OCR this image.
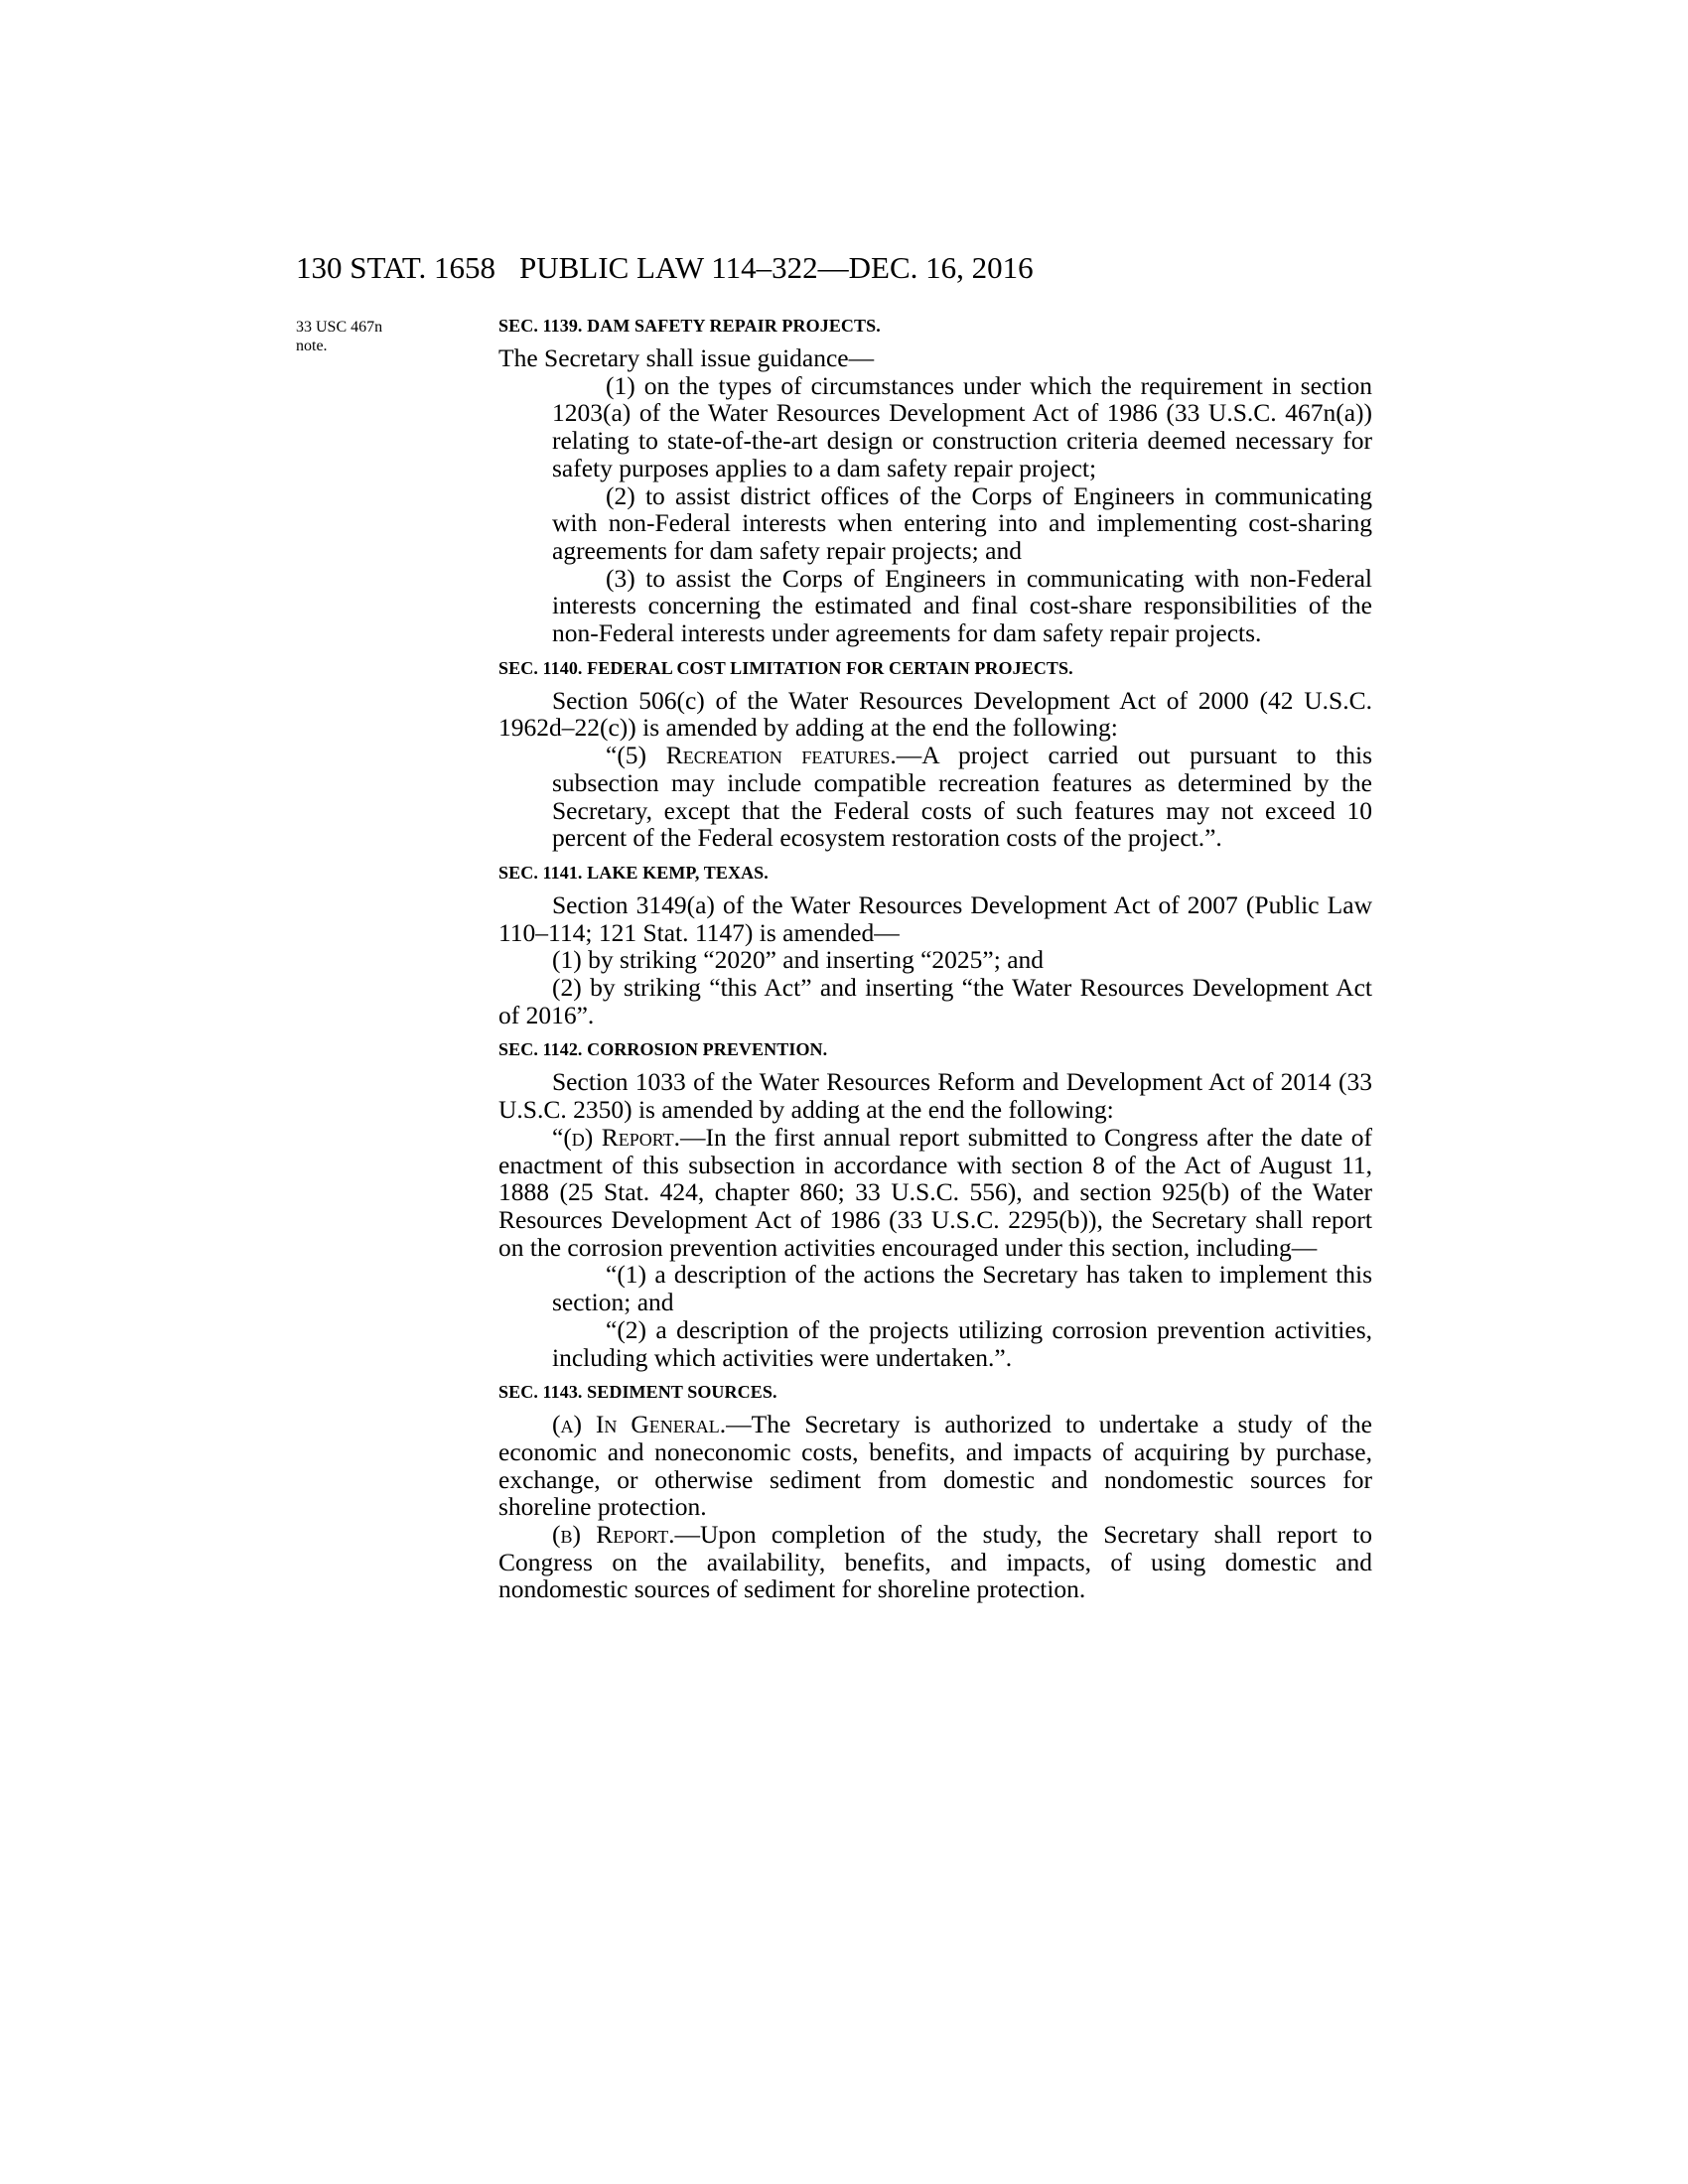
130 STAT. 1658 PUBLIC LAW 114–322—DEC. 16, 2016
33 USC 467n
note.
SEC. 1139. DAM SAFETY REPAIR PROJECTS.

The Secretary shall issue guidance—

(1) on the types of circumstances under which the requirement in section 1203(a) of the Water Resources Development Act of 1986 (33 U.S.C. 467n(a)) relating to state-of-the-art design or construction criteria deemed necessary for safety purposes applies to a dam safety repair project;

(2) to assist district offices of the Corps of Engineers in communicating with non-Federal interests when entering into and implementing cost-sharing agreements for dam safety repair projects; and

(3) to assist the Corps of Engineers in communicating with non-Federal interests concerning the estimated and final cost-share responsibilities of the non-Federal interests under agreements for dam safety repair projects.

SEC. 1140. FEDERAL COST LIMITATION FOR CERTAIN PROJECTS.

Section 506(c) of the Water Resources Development Act of 2000 (42 U.S.C. 1962d–22(c)) is amended by adding at the end the following:

“(5) Recreation features.—A project carried out pursuant to this subsection may include compatible recreation features as determined by the Secretary, except that the Federal costs of such features may not exceed 10 percent of the Federal ecosystem restoration costs of the project.”.

SEC. 1141. LAKE KEMP, TEXAS.

Section 3149(a) of the Water Resources Development Act of 2007 (Public Law 110–114; 121 Stat. 1147) is amended—

(1) by striking “2020” and inserting “2025”; and

(2) by striking “this Act” and inserting “the Water Resources Development Act of 2016”.

SEC. 1142. CORROSION PREVENTION.

Section 1033 of the Water Resources Reform and Development Act of 2014 (33 U.S.C. 2350) is amended by adding at the end the following:

“(d) Report.—In the first annual report submitted to Congress after the date of enactment of this subsection in accordance with section 8 of the Act of August 11, 1888 (25 Stat. 424, chapter 860; 33 U.S.C. 556), and section 925(b) of the Water Resources Development Act of 1986 (33 U.S.C. 2295(b)), the Secretary shall report on the corrosion prevention activities encouraged under this section, including—

“(1) a description of the actions the Secretary has taken to implement this section; and

“(2) a description of the projects utilizing corrosion prevention activities, including which activities were undertaken.”.

SEC. 1143. SEDIMENT SOURCES.

(a) In General.—The Secretary is authorized to undertake a study of the economic and noneconomic costs, benefits, and impacts of acquiring by purchase, exchange, or otherwise sediment from domestic and nondomestic sources for shoreline protection.

(b) Report.—Upon completion of the study, the Secretary shall report to Congress on the availability, benefits, and impacts, of using domestic and nondomestic sources of sediment for shoreline protection.
